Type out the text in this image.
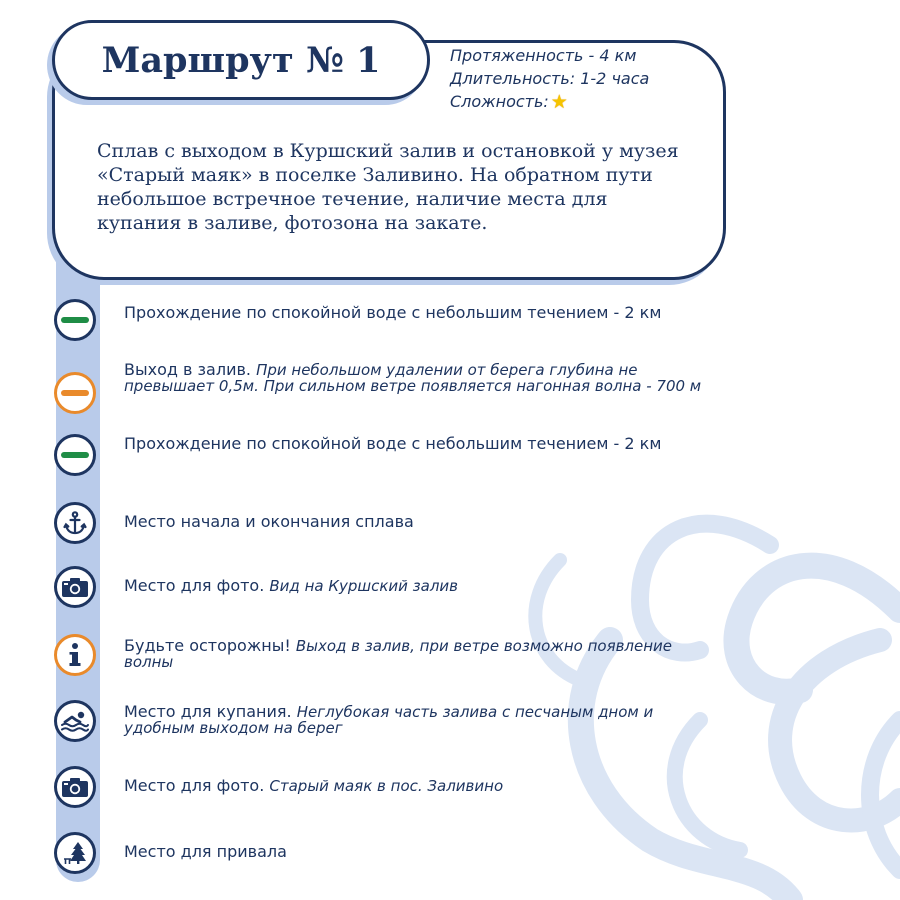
Сплав с выходом в Куршский залив и остановкой у музея «Старый маяк» в поселке Заливино. На обратном пути небольшое встречное течение, наличие места для купания в заливе, фотозона на закате.

Маршрут № 1	Протяженность - 4 км
Длительность: 1-2 часа
Сложность: ★
Прохождение по спокойной воде с небольшим течением - 2 км
Выход в залив. При небольшом удалении от берега глубина не превышает 0,5м. При сильном ветре появляется нагонная волна - 700 м
Прохождение по спокойной воде с небольшим течением - 2 км
Место начала и окончания сплава
Место для фото. Вид на Куршский залив
Будьте осторожны! Выход в залив, при ветре возможно появление волны
Место для купания. Неглубокая часть залива с песчаным дном и удобным выходом на берег
Место для фото. Старый маяк в пос. Заливино
Место для привала
